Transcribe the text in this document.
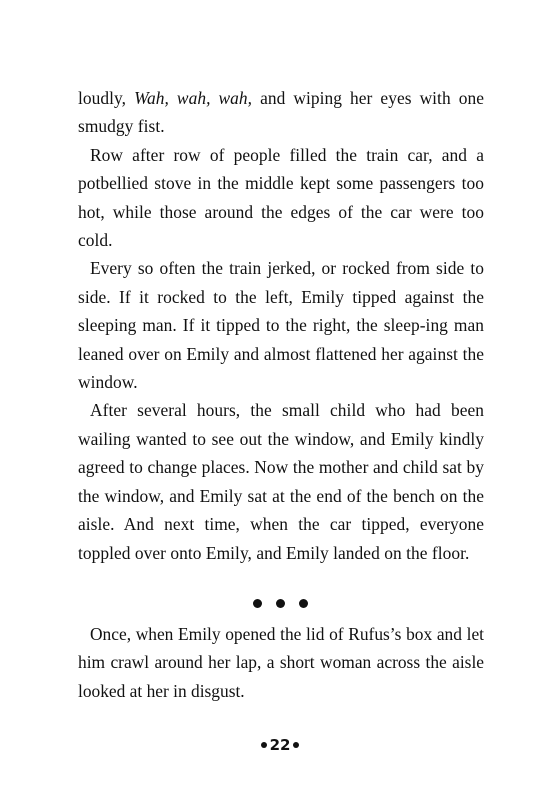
loudly, Wah, wah, wah, and wiping her eyes with one smudgy fist.

Row after row of people filled the train car, and a potbellied stove in the middle kept some passengers too hot, while those around the edges of the car were too cold.

Every so often the train jerked, or rocked from side to side. If it rocked to the left, Emily tipped against the sleeping man. If it tipped to the right, the sleep-ing man leaned over on Emily and almost flattened her against the window.

After several hours, the small child who had been wailing wanted to see out the window, and Emily kindly agreed to change places. Now the mother and child sat by the window, and Emily sat at the end of the bench on the aisle. And next time, when the car tipped, everyone toppled over onto Emily, and Emily landed on the floor.

Once, when Emily opened the lid of Rufus’s box and let him crawl around her lap, a short woman across the aisle looked at her in disgust.

22
